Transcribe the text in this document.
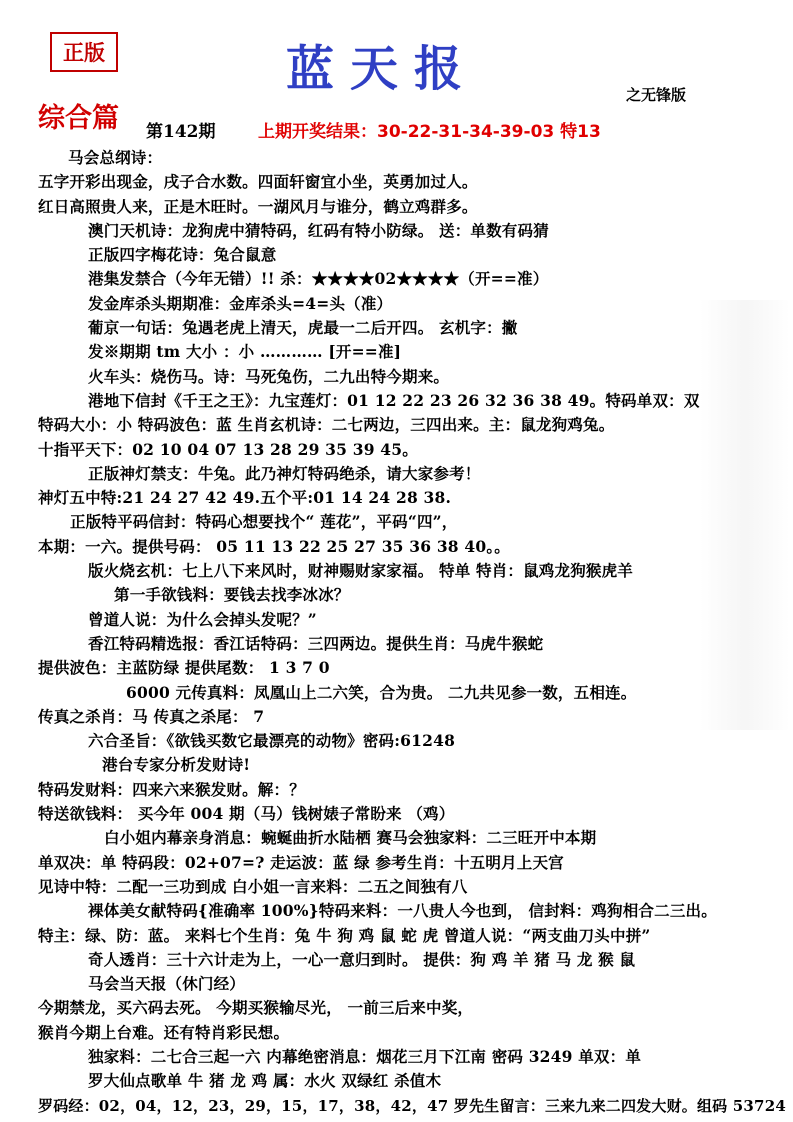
正版	蓝天报	之无锋版
综合篇 第142期	上期开奖结果：30-22-31-34-39-03 特13
马会总纲诗：
五字开彩出现金，戌子合水数。四面轩窗宜小坐，英勇加过人。
红日高照贵人来，正是木旺时。一湖风月与谁分，鹤立鸡群多。
澳门天机诗：龙狗虎中猜特码，红码有特小防绿。 送：单数有码猜
正版四字梅花诗：兔合鼠意
港集发禁合（今年无错）!! 杀：★★★★02★★★★（开==准）
发金库杀头期期准：金库杀头=4=头（准）
葡京一句话：兔遇老虎上清天，虎最一二后开四。 玄机字：撇
发※期期 tm 大小 ：小 ………… [开==准]
火车头：烧伤马。诗：马死兔伤，二九出特今期来。
港地下信封《千王之王》：九宝莲灯：01 12 22 23 26 32 36 38 49。特码单双：双
特码大小：小 特码波色：蓝 生肖玄机诗：二七两边，三四出来。主：鼠龙狗鸡兔。
十指平天下：02 10 04 07 13 28 29 35 39 45。
正版神灯禁支：牛兔。此乃神灯特码绝杀，请大家参考！
神灯五中特:21 24 27 42 49.五个平:01 14 24 28 38.
正版特平码信封：特码心想要找个“ 莲花”，平码“四”，
本期：一六。提供号码： 05 11 13 22 25 27 35 36 38 40。。
版火烧玄机：七上八下来风时，财神赐财家家福。 特单 特肖：鼠鸡龙狗猴虎羊
第一手欲钱料：要钱去找李冰冰？
曾道人说：为什么会掉头发呢？”
香江特码精选报：香江话特码：三四两边。提供生肖：马虎牛猴蛇
提供波色：主蓝防绿 提供尾数： 1 3 7 0
6000 元传真料：凤凰山上二六笑，合为贵。 二九共见参一数，五相连。
传真之杀肖：马 传真之杀尾： 7
六合圣旨：《欲钱买数它最漂亮的动物》密码:61248
港台专家分析发财诗!
特码发财料：四来六来猴发财。解：？
特送欲钱料： 买今年 004 期（马）钱树婊子常盼来 （鸡）
白小姐内幕亲身消息：蜿蜒曲折水陆栖 赛马会独家料：二三旺开中本期
单双决：单 特码段：02+07=? 走运波：蓝 绿 参考生肖：十五明月上天宫
见诗中特：二配一三功到成 白小姐一言来料：二五之间独有八
裸体美女献特码{准确率 100%}特码来料：一八贵人今也到， 信封料：鸡狗相合二三出。
特主：绿、防：蓝。 来料七个生肖：兔 牛 狗 鸡 鼠 蛇 虎 曾道人说：“两支曲刀头中拼”
奇人透肖：三十六计走为上，一心一意归到时。 提供：狗 鸡 羊 猪 马 龙 猴 鼠
马会当天报（休门经）
今期禁龙，买六码去死。 今期买猴输尽光， 一前三后来中奖，
猴肖今期上台难。还有特肖彩民想。
独家料：二七合三起一六 内幕绝密消息：烟花三月下江南 密码 3249 单双：单
罗大仙点歌单 牛 猪 龙 鸡 属：水火 双绿红 杀值木
罗码经：02，04，12，23，29，15，17，38，42，47 罗先生留言：三来九来二四发大财。组码 53724
